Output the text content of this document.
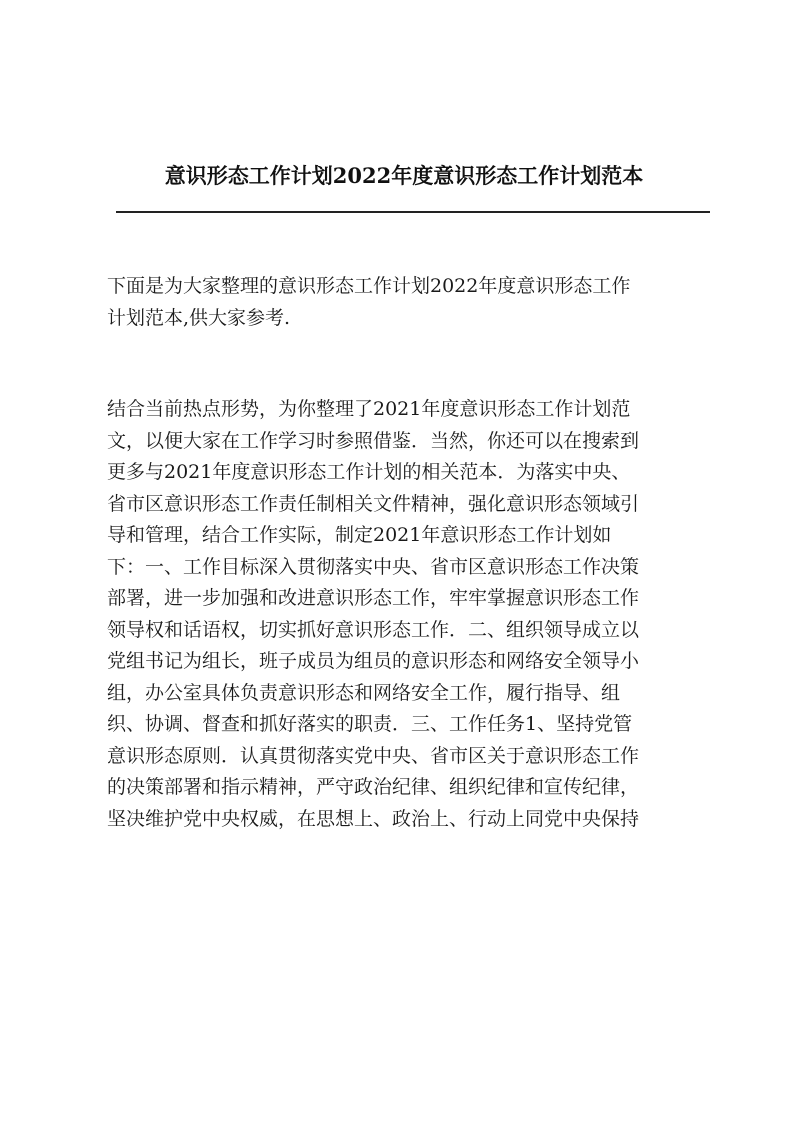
意识形态工作计划2022年度意识形态工作计划范本
下面是为大家整理的意识形态工作计划2022年度意识形态工作
计划范本,供大家参考.
结合当前热点形势，为你整理了2021年度意识形态工作计划范
文，以便大家在工作学习时参照借鉴．当然，你还可以在搜索到
更多与2021年度意识形态工作计划的相关范本．为落实中央、
省市区意识形态工作责任制相关文件精神，强化意识形态领域引
导和管理，结合工作实际，制定2021年意识形态工作计划如
下：一、工作目标深入贯彻落实中央、省市区意识形态工作决策
部署，进一步加强和改进意识形态工作，牢牢掌握意识形态工作
领导权和话语权，切实抓好意识形态工作．二、组织领导成立以
党组书记为组长，班子成员为组员的意识形态和网络安全领导小
组，办公室具体负责意识形态和网络安全工作，履行指导、组
织、协调、督查和抓好落实的职责．三、工作任务1、坚持党管
意识形态原则．认真贯彻落实党中央、省市区关于意识形态工作
的决策部署和指示精神，严守政治纪律、组织纪律和宣传纪律，
坚决维护党中央权威，在思想上、政治上、行动上同党中央保持
